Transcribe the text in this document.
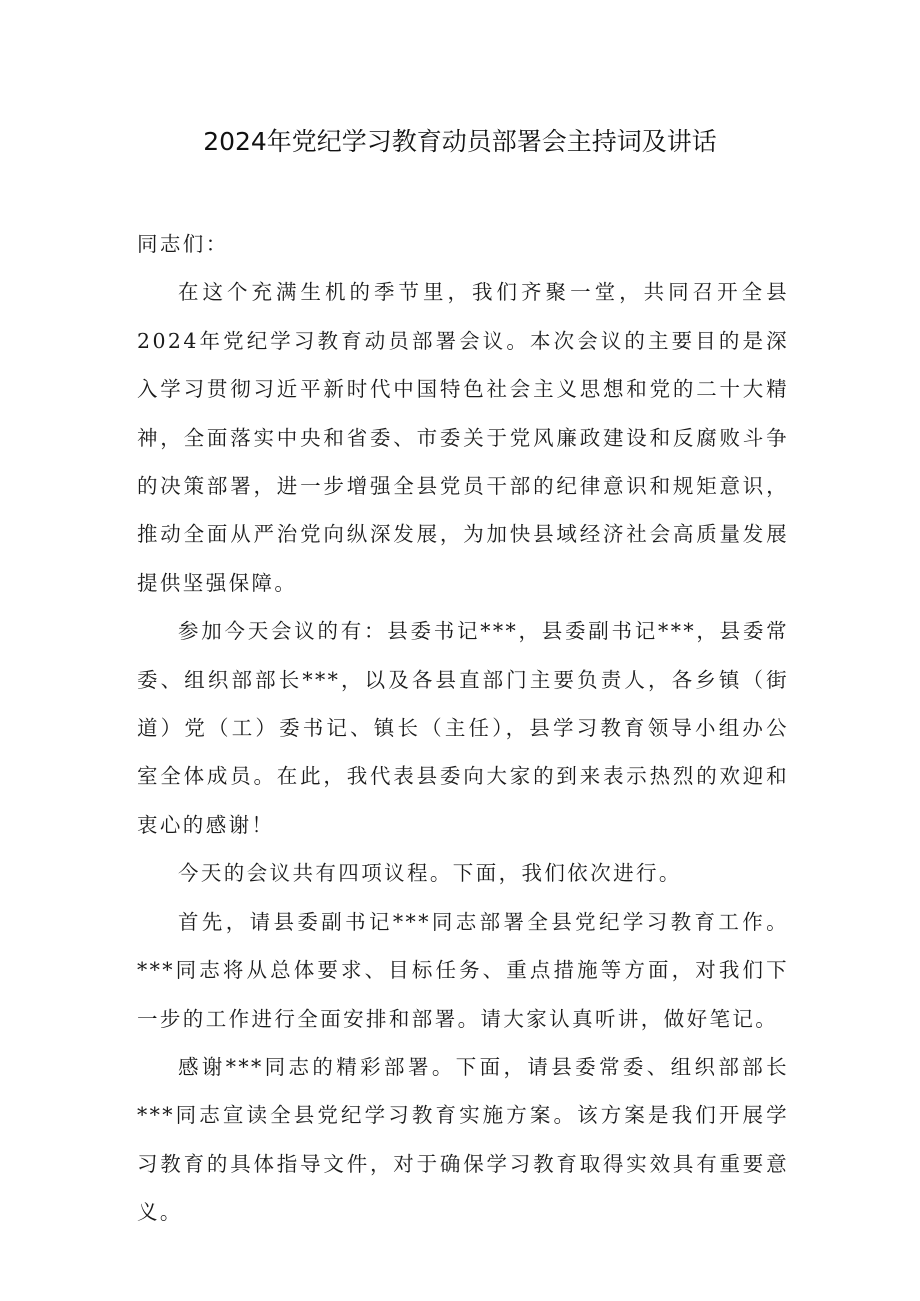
2024年党纪学习教育动员部署会主持词及讲话

同志们：

在这个充满生机的季节里，我们齐聚一堂，共同召开全县2024年党纪学习教育动员部署会议。本次会议的主要目的是深入学习贯彻习近平新时代中国特色社会主义思想和党的二十大精神，全面落实中央和省委、市委关于党风廉政建设和反腐败斗争的决策部署，进一步增强全县党员干部的纪律意识和规矩意识，推动全面从严治党向纵深发展，为加快县域经济社会高质量发展提供坚强保障。

参加今天会议的有：县委书记***，县委副书记***，县委常委、组织部部长***，以及各县直部门主要负责人，各乡镇（街道）党（工）委书记、镇长（主任），县学习教育领导小组办公室全体成员。在此，我代表县委向大家的到来表示热烈的欢迎和衷心的感谢！

今天的会议共有四项议程。下面，我们依次进行。

首先，请县委副书记***同志部署全县党纪学习教育工作。***同志将从总体要求、目标任务、重点措施等方面，对我们下一步的工作进行全面安排和部署。请大家认真听讲，做好笔记。

感谢***同志的精彩部署。下面，请县委常委、组织部部长***同志宣读全县党纪学习教育实施方案。该方案是我们开展学习教育的具体指导文件，对于确保学习教育取得实效具有重要意义。
